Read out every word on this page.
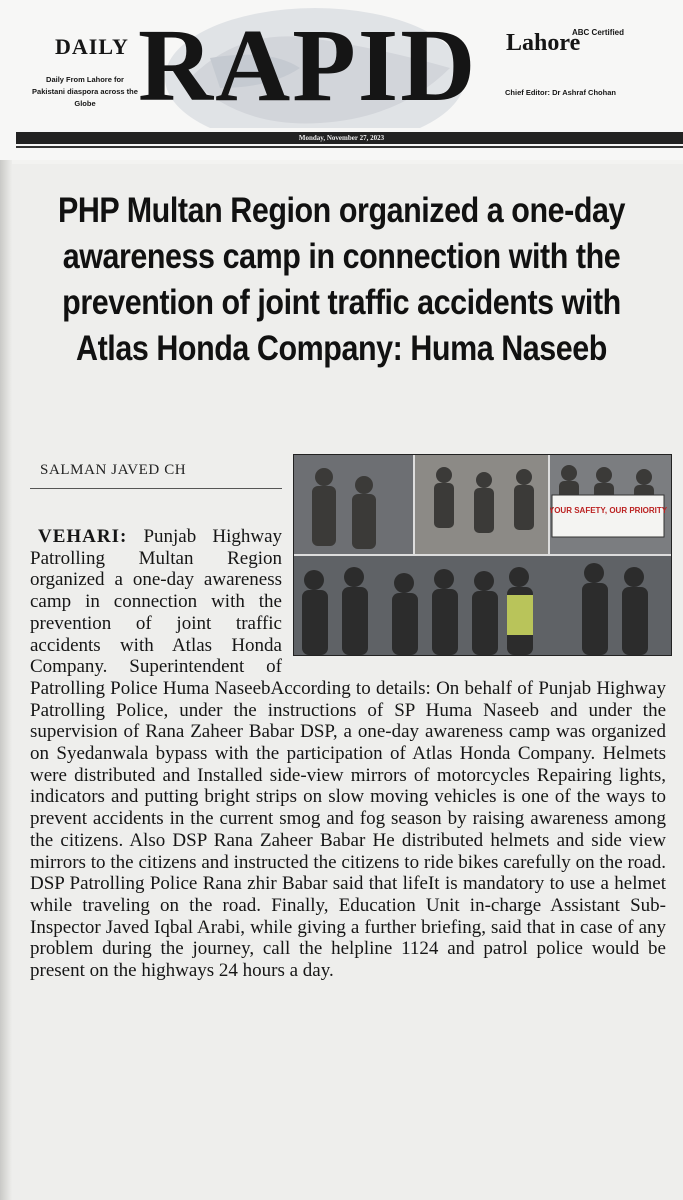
DAILY
Daily From Lahore for Pakistani diaspora across the Globe RAPID Lahore
ABC Certified
Chief Editor: Dr Ashraf Chohan
Monday, November 27, 2023
PHP Multan Region organized a one-day awareness camp in connection with the prevention of joint traffic accidents with Atlas Honda Company: Huma Naseeb
SALMAN JAVED CH
YOUR SAFETY, OUR PRIORITY

VEHARI: Punjab Highway Patrolling Multan Region organized a one-day awareness camp in connection with the prevention of joint traffic accidents with Atlas Honda Company. Superintendent of Patrolling Police Huma NaseebAccording to details: On behalf of Punjab Highway Patrolling Police, under the instructions of SP Huma Naseeb and under the supervision of Rana Zaheer Babar DSP, a one-day awareness camp was organized on Syedanwala bypass with the participation of Atlas Honda Company. Helmets were distributed and Installed side-view mirrors of motorcycles Repairing lights, indicators and putting bright strips on slow moving vehicles is one of the ways to prevent accidents in the current smog and fog season by raising awareness among the citizens. Also DSP Rana Zaheer Babar He distributed helmets and side view mirrors to the citizens and instructed the citizens to ride bikes carefully on the road. DSP Patrolling Police Rana zhir Babar said that lifeIt is mandatory to use a helmet while traveling on the road. Finally, Education Unit in-charge Assistant Sub-Inspector Javed Iqbal Arabi, while giving a further briefing, said that in case of any problem during the journey, call the helpline 1124 and patrol police would be present on the highways 24 hours a day.
